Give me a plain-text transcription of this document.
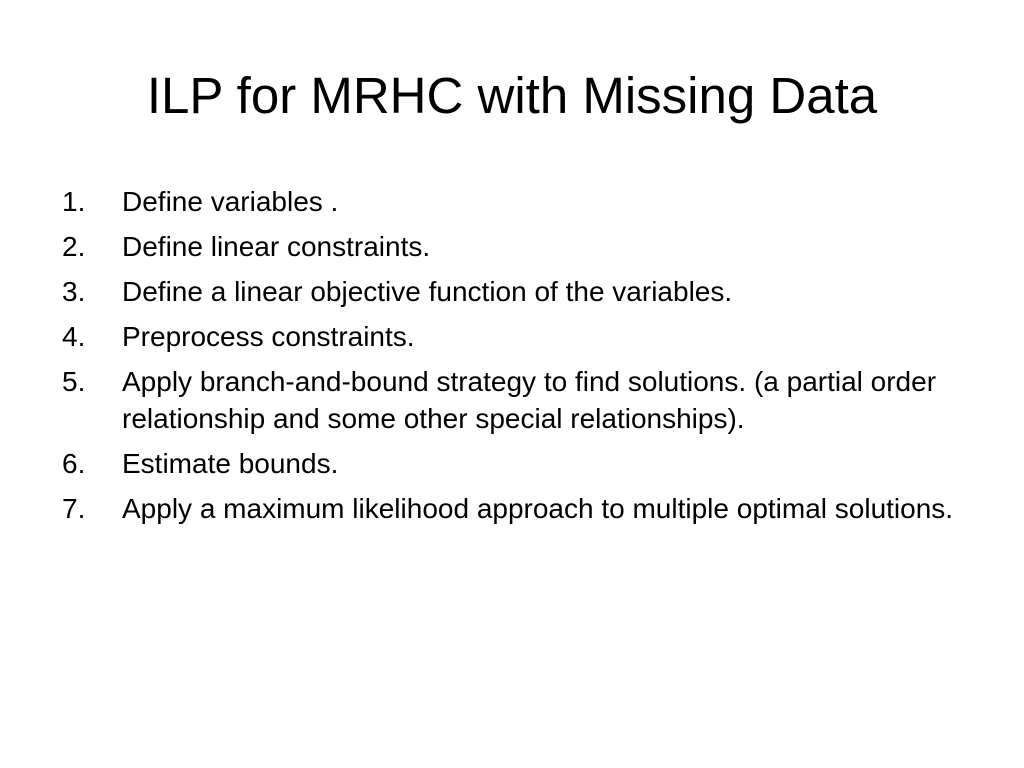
ILP for MRHC with Missing Data
1.	Define variables .
2.	Define linear constraints.
3.	Define a linear objective function of the variables.
4.	Preprocess constraints.
5.	Apply branch-and-bound strategy to find solutions. (a partial order relationship and some other special relationships).
6.	Estimate bounds.
7.	Apply a maximum likelihood approach to multiple optimal solutions.
